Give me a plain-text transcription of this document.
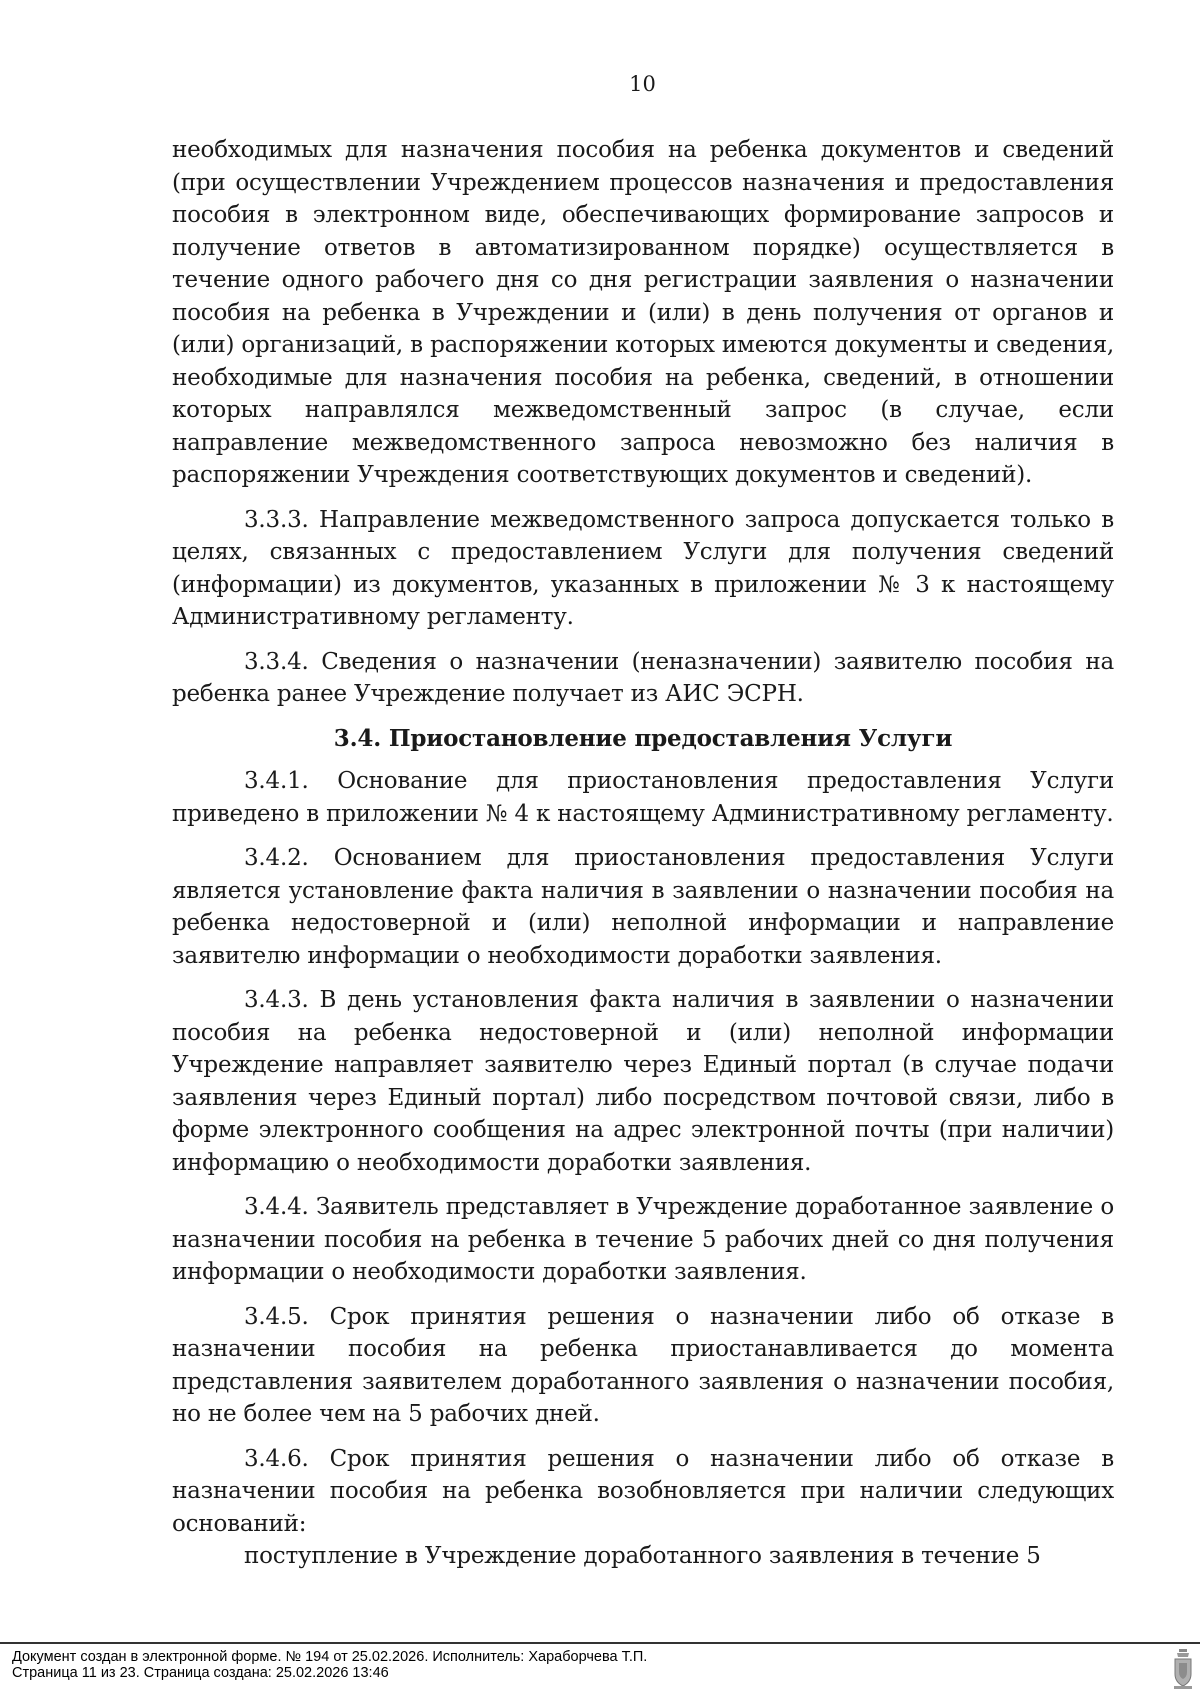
10

необходимых для назначения пособия на ребенка документов и сведений (при осуществлении Учреждением процессов назначения и предоставления пособия в электронном виде, обеспечивающих формирование запросов и получение ответов в автоматизированном порядке) осуществляется в течение одного рабочего дня со дня регистрации заявления о назначении пособия на ребенка в Учреждении и (или) в день получения от органов и (или) организаций, в распоряжении которых имеются документы и сведения, необходимые для назначения пособия на ребенка, сведений, в отношении которых направлялся межведомственный запрос (в случае, если направление межведомственного запроса невозможно без наличия в распоряжении Учреждения соответствующих документов и сведений).

3.3.3. Направление межведомственного запроса допускается только в целях, связанных с предоставлением Услуги для получения сведений (информации) из документов, указанных в приложении № 3 к настоящему Административному регламенту.

3.3.4. Сведения о назначении (неназначении) заявителю пособия на ребенка ранее Учреждение получает из АИС ЭСРН.

3.4. Приостановление предоставления Услуги

3.4.1. Основание для приостановления предоставления Услуги приведено в приложении № 4 к настоящему Административному регламенту.

3.4.2. Основанием для приостановления предоставления Услуги является установление факта наличия в заявлении о назначении пособия на ребенка недостоверной и (или) неполной информации и направление заявителю информации о необходимости доработки заявления.

3.4.3. В день установления факта наличия в заявлении о назначении пособия на ребенка недостоверной и (или) неполной информации Учреждение направляет заявителю через Единый портал (в случае подачи заявления через Единый портал) либо посредством почтовой связи, либо в форме электронного сообщения на адрес электронной почты (при наличии) информацию о необходимости доработки заявления.

3.4.4. Заявитель представляет в Учреждение доработанное заявление о назначении пособия на ребенка в течение 5 рабочих дней со дня получения информации о необходимости доработки заявления.

3.4.5. Срок принятия решения о назначении либо об отказе в назначении пособия на ребенка приостанавливается до момента представления заявителем доработанного заявления о назначении пособия, но не более чем на 5 рабочих дней.

3.4.6. Срок принятия решения о назначении либо об отказе в назначении пособия на ребенка возобновляется при наличии следующих оснований:

поступление в Учреждение доработанного заявления в течение 5

Документ создан в электронной форме. № 194 от 25.02.2026. Исполнитель: Хараборчева Т.П.
Страница 11 из 23. Страница создана: 25.02.2026 13:46
